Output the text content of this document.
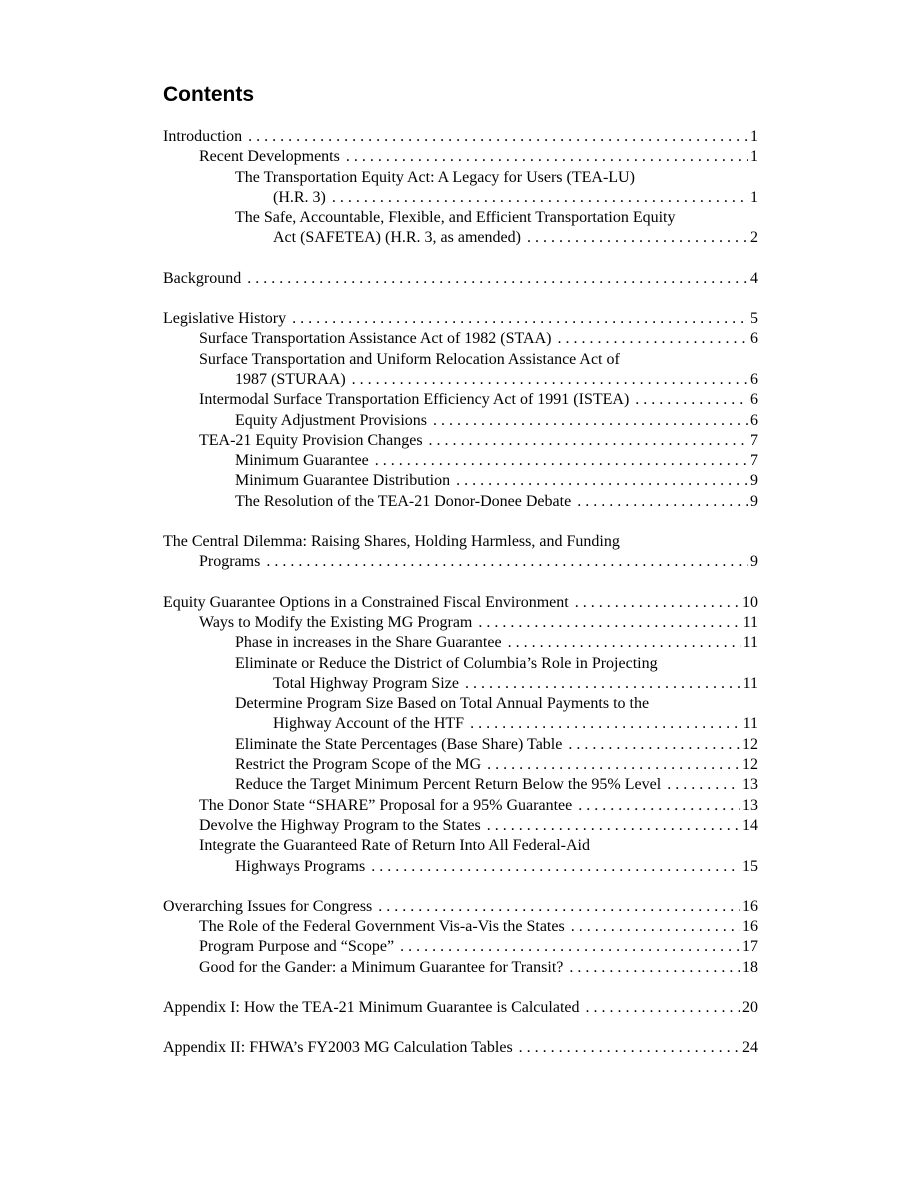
Contents
Introduction . . .	1
Recent Developments . . .	1
The Transportation Equity Act: A Legacy for Users (TEA-LU)
(H.R. 3) . . .	1
The Safe, Accountable, Flexible, and Efficient Transportation Equity
Act (SAFETEA) (H.R. 3, as amended) . . .	2
Background . . .	4
Legislative History . . .	5
Surface Transportation Assistance Act of 1982 (STAA) . . .	6
Surface Transportation and Uniform Relocation Assistance Act of
1987 (STURAA) . . .	6
Intermodal Surface Transportation Efficiency Act of 1991 (ISTEA) . . .	6
Equity Adjustment Provisions . . .	6
TEA-21 Equity Provision Changes . . .	7
Minimum Guarantee . . .	7
Minimum Guarantee Distribution . . .	9
The Resolution of the TEA-21 Donor-Donee Debate . . .	9
The Central Dilemma: Raising Shares, Holding Harmless, and Funding
Programs . . .	9
Equity Guarantee Options in a Constrained Fiscal Environment . . .	10
Ways to Modify the Existing MG Program . . .	11
Phase in increases in the Share Guarantee . . .	11
Eliminate or Reduce the District of Columbia’s Role in Projecting
Total Highway Program Size . . .	11
Determine Program Size Based on Total Annual Payments to the
Highway Account of the HTF . . .	11
Eliminate the State Percentages (Base Share) Table . . .	12
Restrict the Program Scope of the MG . . .	12
Reduce the Target Minimum Percent Return Below the 95% Level . . .	13
The Donor State “SHARE” Proposal for a 95% Guarantee . . .	13
Devolve the Highway Program to the States . . .	14
Integrate the Guaranteed Rate of Return Into All Federal-Aid
Highways Programs . . .	15
Overarching Issues for Congress . . .	16
The Role of the Federal Government Vis-a-Vis the States . . .	16
Program Purpose and “Scope” . . .	17
Good for the Gander: a Minimum Guarantee for Transit? . . .	18
Appendix I: How the TEA-21 Minimum Guarantee is Calculated . . .	20
Appendix II: FHWA’s FY2003 MG Calculation Tables . . .	24
